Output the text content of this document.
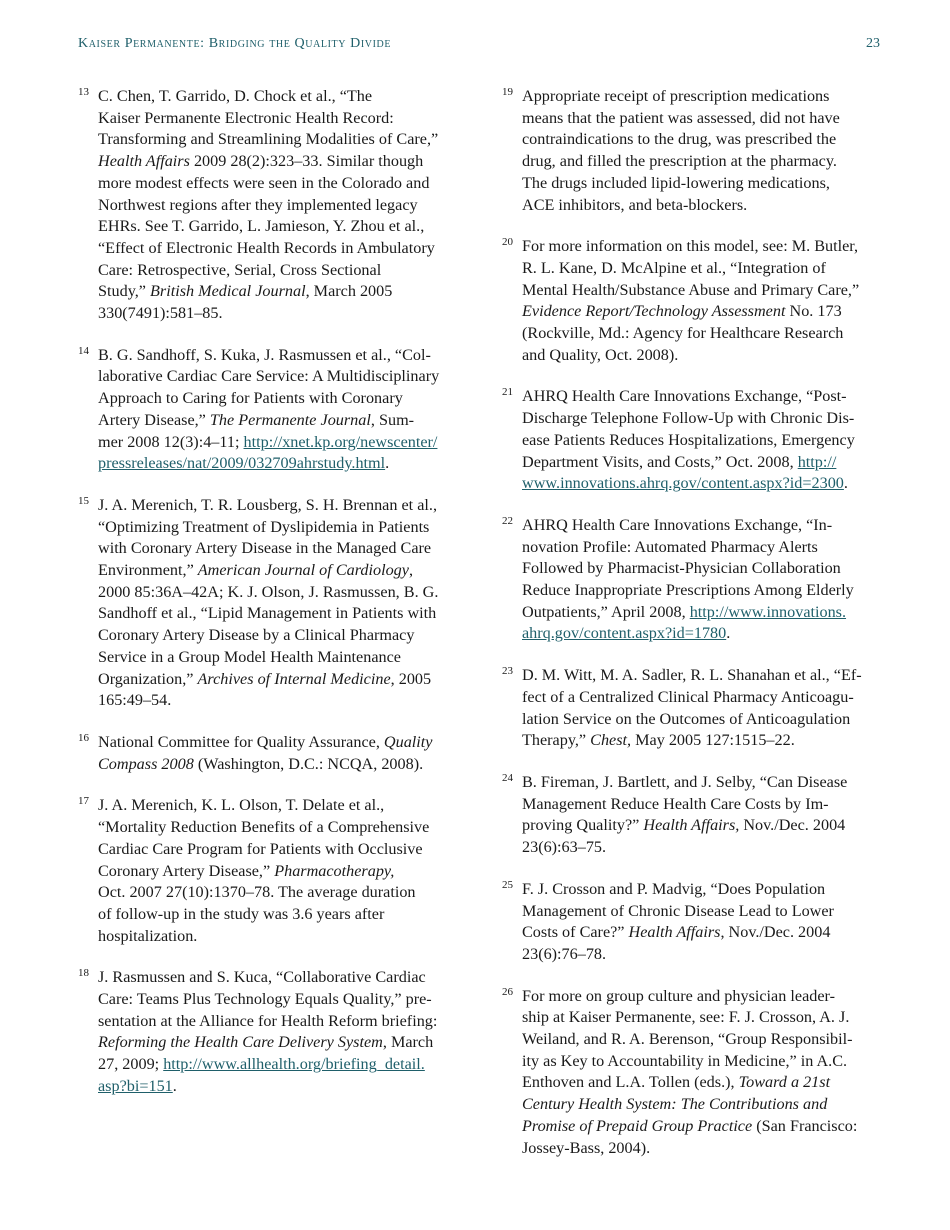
Kaiser Permanente: Bridging the Quality Divide	23
13 C. Chen, T. Garrido, D. Chock et al., “The
Kaiser Permanente Electronic Health Record:
Transforming and Streamlining Modalities of Care,”
Health Affairs 2009 28(2):323–33. Similar though
more modest effects were seen in the Colorado and
Northwest regions after they implemented legacy
EHRs. See T. Garrido, L. Jamieson, Y. Zhou et al.,
“Effect of Electronic Health Records in Ambulatory
Care: Retrospective, Serial, Cross Sectional
Study,” British Medical Journal, March 2005
330(7491):581–85.
14 B. G. Sandhoff, S. Kuka, J. Rasmussen et al., “Col-
laborative Cardiac Care Service: A Multidisciplinary
Approach to Caring for Patients with Coronary
Artery Disease,” The Permanente Journal, Sum-
mer 2008 12(3):4–11; http://xnet.kp.org/newscenter/
pressreleases/nat/2009/032709ahrstudy.html.
15 J. A. Merenich, T. R. Lousberg, S. H. Brennan et al.,
“Optimizing Treatment of Dyslipidemia in Patients
with Coronary Artery Disease in the Managed Care
Environment,” American Journal of Cardiology,
2000 85:36A–42A; K. J. Olson, J. Rasmussen, B. G.
Sandhoff et al., “Lipid Management in Patients with
Coronary Artery Disease by a Clinical Pharmacy
Service in a Group Model Health Maintenance
Organization,” Archives of Internal Medicine, 2005
165:49–54.
16 National Committee for Quality Assurance, Quality
Compass 2008 (Washington, D.C.: NCQA, 2008).
17 J. A. Merenich, K. L. Olson, T. Delate et al.,
“Mortality Reduction Benefits of a Comprehensive
Cardiac Care Program for Patients with Occlusive
Coronary Artery Disease,” Pharmacotherapy,
Oct. 2007 27(10):1370–78. The average duration
of follow-up in the study was 3.6 years after
hospitalization.
18 J. Rasmussen and S. Kuca, “Collaborative Cardiac
Care: Teams Plus Technology Equals Quality,” pre-
sentation at the Alliance for Health Reform briefing:
Reforming the Health Care Delivery System, March
27, 2009; http://www.allhealth.org/briefing_detail.
asp?bi=151.
19 Appropriate receipt of prescription medications
means that the patient was assessed, did not have
contraindications to the drug, was prescribed the
drug, and filled the prescription at the pharmacy.
The drugs included lipid-lowering medications,
ACE inhibitors, and beta-blockers.
20 For more information on this model, see: M. Butler,
R. L. Kane, D. McAlpine et al., “Integration of
Mental Health/Substance Abuse and Primary Care,”
Evidence Report/Technology Assessment No. 173
(Rockville, Md.: Agency for Healthcare Research
and Quality, Oct. 2008).
21 AHRQ Health Care Innovations Exchange, “Post-
Discharge Telephone Follow-Up with Chronic Dis-
ease Patients Reduces Hospitalizations, Emergency
Department Visits, and Costs,” Oct. 2008, http://
www.innovations.ahrq.gov/content.aspx?id=2300.
22 AHRQ Health Care Innovations Exchange, “In-
novation Profile: Automated Pharmacy Alerts
Followed by Pharmacist-Physician Collaboration
Reduce Inappropriate Prescriptions Among Elderly
Outpatients,” April 2008, http://www.innovations.
ahrq.gov/content.aspx?id=1780.
23 D. M. Witt, M. A. Sadler, R. L. Shanahan et al., “Ef-
fect of a Centralized Clinical Pharmacy Anticoagu-
lation Service on the Outcomes of Anticoagulation
Therapy,” Chest, May 2005 127:1515–22.
24 B. Fireman, J. Bartlett, and J. Selby, “Can Disease
Management Reduce Health Care Costs by Im-
proving Quality?” Health Affairs, Nov./Dec. 2004
23(6):63–75.
25 F. J. Crosson and P. Madvig, “Does Population
Management of Chronic Disease Lead to Lower
Costs of Care?” Health Affairs, Nov./Dec. 2004
23(6):76–78.
26 For more on group culture and physician leader-
ship at Kaiser Permanente, see: F. J. Crosson, A. J.
Weiland, and R. A. Berenson, “Group Responsibil-
ity as Key to Accountability in Medicine,” in A.C.
Enthoven and L.A. Tollen (eds.), Toward a 21st
Century Health System: The Contributions and
Promise of Prepaid Group Practice (San Francisco:
Jossey-Bass, 2004).
